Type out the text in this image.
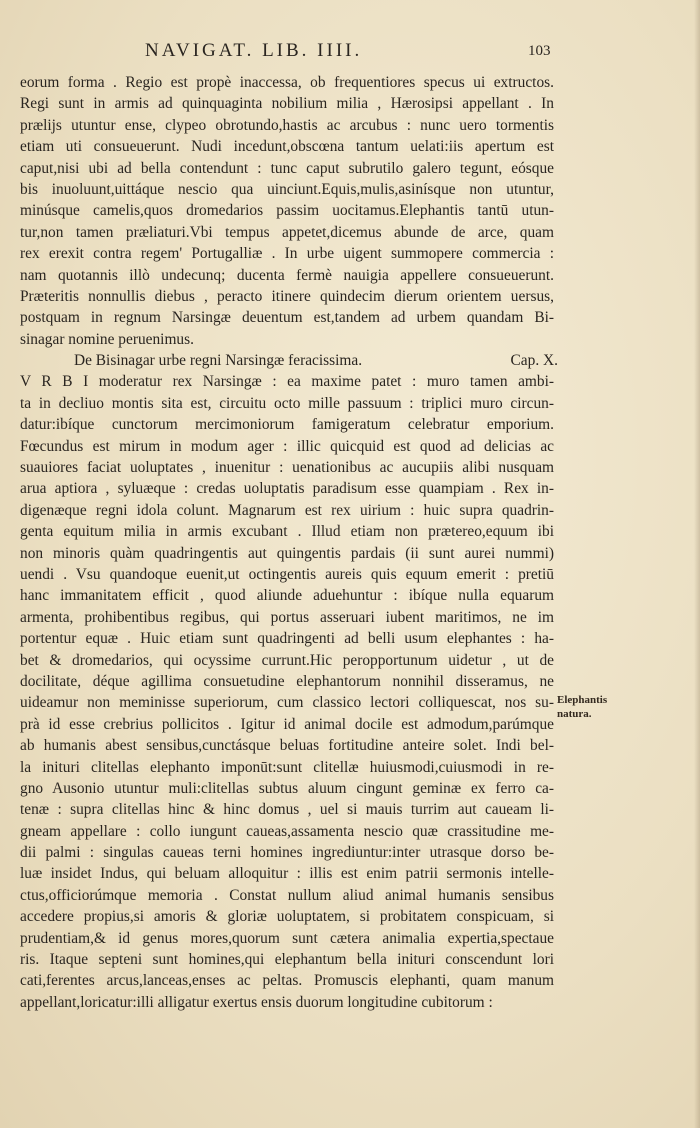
NAVIGAT. LIB. IIII.	103
eorum forma . Regio est propè inaccessa, ob frequentiores specus ui extructos.
Regi sunt in armis ad quinquaginta nobilium milia , Hærosipsi appellant . In
prælijs utuntur ense, clypeo obrotundo,hastis ac arcubus : nunc uero tormentis
etiam uti consueuerunt. Nudi incedunt,obscœna tantum uelati:iis apertum est
caput,nisi ubi ad bella contendunt : tunc caput subrutilo galero tegunt, eósque
bis inuoluunt,uittáque nescio qua uinciunt.Equis,mulis,asinísque non utuntur,
minúsque camelis,quos dromedarios passim uocitamus.Elephantis tantū utun-
tur,non tamen præliaturi.Vbi tempus appetet,dicemus abunde de arce, quam
rex erexit contra regem' Portugalliæ . In urbe uigent summopere commercia :
nam quotannis illò undecunq; ducenta fermè nauigia appellere consueuerunt.
Præteritis nonnullis diebus , peracto itinere quindecim dierum orientem uersus,
postquam in regnum Narsingæ deuentum est,tandem ad urbem quandam Bi-
sinagar nomine peruenimus.
De Bisinagar urbe regni Narsingæ feracissima.	Cap. X.
V R B I moderatur rex Narsingæ : ea maxime patet : muro tamen ambi-
ta in decliuo montis sita est, circuitu octo mille passuum : triplici muro circun-
datur:ibíque cunctorum mercimoniorum famigeratum celebratur emporium.
Fœcundus est mirum in modum ager : illic quicquid est quod ad delicias ac
suauiores faciat uoluptates , inuenitur : uenationibus ac aucupiis alibi nusquam
arua aptiora , syluæque : credas uoluptatis paradisum esse quampiam . Rex in-
digenæque regni idola colunt. Magnarum est rex uirium : huic supra quadrin-
genta equitum milia in armis excubant . Illud etiam non prætereo,equum ibi
non minoris quàm quadringentis aut quingentis pardais (ii sunt aurei nummi)
uendi . Vsu quandoque euenit,ut octingentis aureis quis equum emerit : pretiū
hanc immanitatem efficit , quod aliunde aduehuntur : ibíque nulla equarum
armenta, prohibentibus regibus, qui portus asseruari iubent maritimos, ne im
portentur equæ . Huic etiam sunt quadringenti ad belli usum elephantes : ha-
bet & dromedarios, qui ocyssime currunt.Hic peropportunum uidetur , ut de
docilitate, déque agillima consuetudine elephantorum nonnihil disseramus, ne
uideamur non meminisse superiorum, cum classico lectori colliquescat, nos su-
prà id esse crebrius pollicitos . Igitur id animal docile est admodum,parúmque
ab humanis abest sensibus,cunctásque beluas fortitudine anteire solet. Indi bel-
la inituri clitellas elephanto imponūt:sunt clitellæ huiusmodi,cuiusmodi in re-
gno Ausonio utuntur muli:clitellas subtus aluum cingunt geminæ ex ferro ca-
tenæ : supra clitellas hinc & hinc domus , uel si mauis turrim aut caueam li-
gneam appellare : collo iungunt caueas,assamenta nescio quæ crassitudine me-
dii palmi : singulas caueas terni homines ingrediuntur:inter utrasque dorso be-
luæ insidet Indus, qui beluam alloquitur : illis est enim patrii sermonis intelle-
ctus,officiorúmque memoria . Constat nullum aliud animal humanis sensibus
accedere propius,si amoris & gloriæ uoluptatem, si probitatem conspicuam, si
prudentiam,& id genus mores,quorum sunt cætera animalia expertia,spectaue
ris. Itaque septeni sunt homines,qui elephantum bella inituri conscendunt lori
cati,ferentes arcus,lanceas,enses ac peltas. Promuscis elephanti, quam manum
appellant,loricatur:illi alligatur exertus ensis duorum longitudine cubitorum :
Elephantis
natura.
